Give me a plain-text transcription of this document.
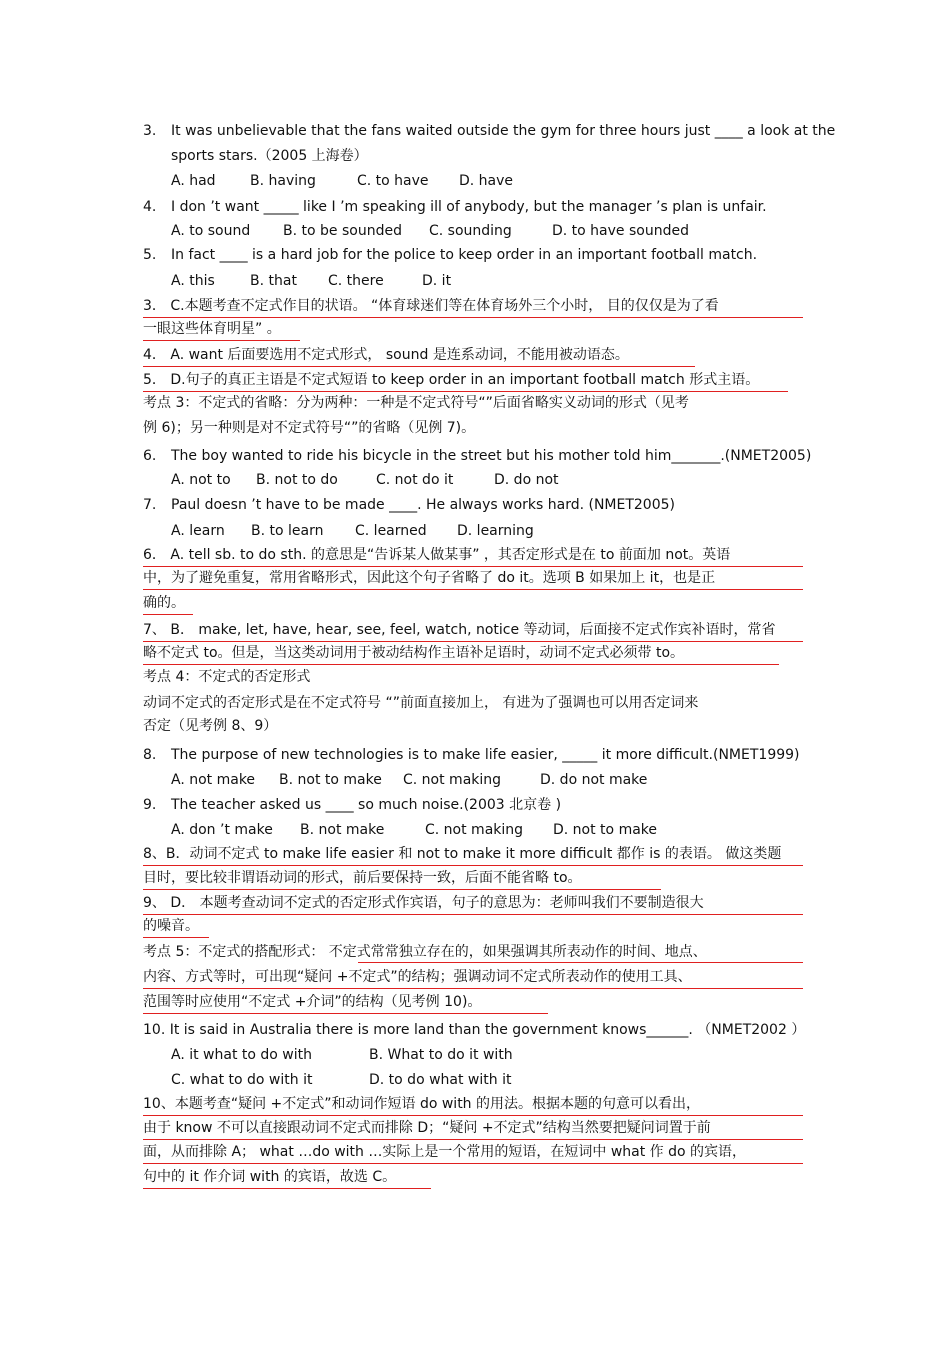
3. It was unbelievable that the fans waited outside the gym for three hours just ____ a look at the
sports stars.（2005 上海卷）
A. had B. having	C. to have D. have
4. I don ’t want _____ like I ’m speaking ill of anybody, but the manager ’s plan is unfair.
A. to sound B. to be sounded C. sounding	D. to have sounded
5. In fact ____ is a hard job for the police to keep order in an important football match.
A. this	B. that C. there	D. it
3． C.本题考查不定式作目的状语。 “体育球迷们等在体育场外三个小时， 目的仅仅是为了看
一眼这些体育明星” 。
4． A. want 后面要选用不定式形式， sound 是连系动词，不能用被动语态。
5． D.句子的真正主语是不定式短语 to keep order in an important football match 形式主语。
考点 3：不定式的省略：分为两种：一种是不定式符号“”后面省略实义动词的形式（见考
例 6)；另一种则是对不定式符号“”的省略（见例 7)。
6. The boy wanted to ride his bicycle in the street but his mother told him_______.(NMET2005)
A. not to B. not to do	C. not do it	D. do not
7. Paul doesn ’t have to be made ____. He always works hard. (NMET2005)
A. learn B. to learn C. learned D. learning
6． A. tell sb. to do sth. 的意思是“告诉某人做某事” ，其否定形式是在 to 前面加 not。英语
中，为了避免重复，常用省略形式，因此这个句子省略了 do it。选项 B 如果加上 it，也是正
确的。
7、 B． make, let, have, hear, see, feel, watch, notice 等动词，后面接不定式作宾补语时，常省
略不定式 to。但是，当这类动词用于被动结构作主语补足语时，动词不定式必须带 to。
考点 4：不定式的否定形式
动词不定式的否定形式是在不定式符号 “”前面直接加上， 有进为了强调也可以用否定词来
否定（见考例 8、9）
8. The purpose of new technologies is to make life easier, _____ it more difficult.(NMET1999)
A. not make B. not to make C. not making	D. do not make
9. The teacher asked us ____ so much noise.(2003 北京卷 )
A. don ’t make B. not make	C. not making D. not to make
8、B．动词不定式 to make life easier 和 not to make it more difficult 都作 is 的表语。 做这类题
目时，要比较非谓语动词的形式，前后要保持一致，后面不能省略 to。
9、 D． 本题考查动词不定式的否定形式作宾语，句子的意思为：老师叫我们不要制造很大
的噪音。
考点 5：不定式的搭配形式： 不定式常常独立存在的，如果强调其所表动作的时间、地点、
内容、方式等时，可出现“疑问 +不定式”的结构；强调动词不定式所表动作的使用工具、
范围等时应使用“不定式 +介词”的结构（见考例 10)。
10. It is said in Australia there is more land than the government knows______. （NMET2002 ）
A. it what to do with	B. What to do it with
C. what to do with it	D. to do what with it
10、本题考查“疑问 +不定式”和动词作短语 do with 的用法。根据本题的句意可以看出，
由于 know 不可以直接跟动词不定式而排除 D；“疑问 +不定式”结构当然要把疑问词置于前
面，从而排除 A； what …do with …实际上是一个常用的短语，在短词中 what 作 do 的宾语，
句中的 it 作介词 with 的宾语，故选 C。
